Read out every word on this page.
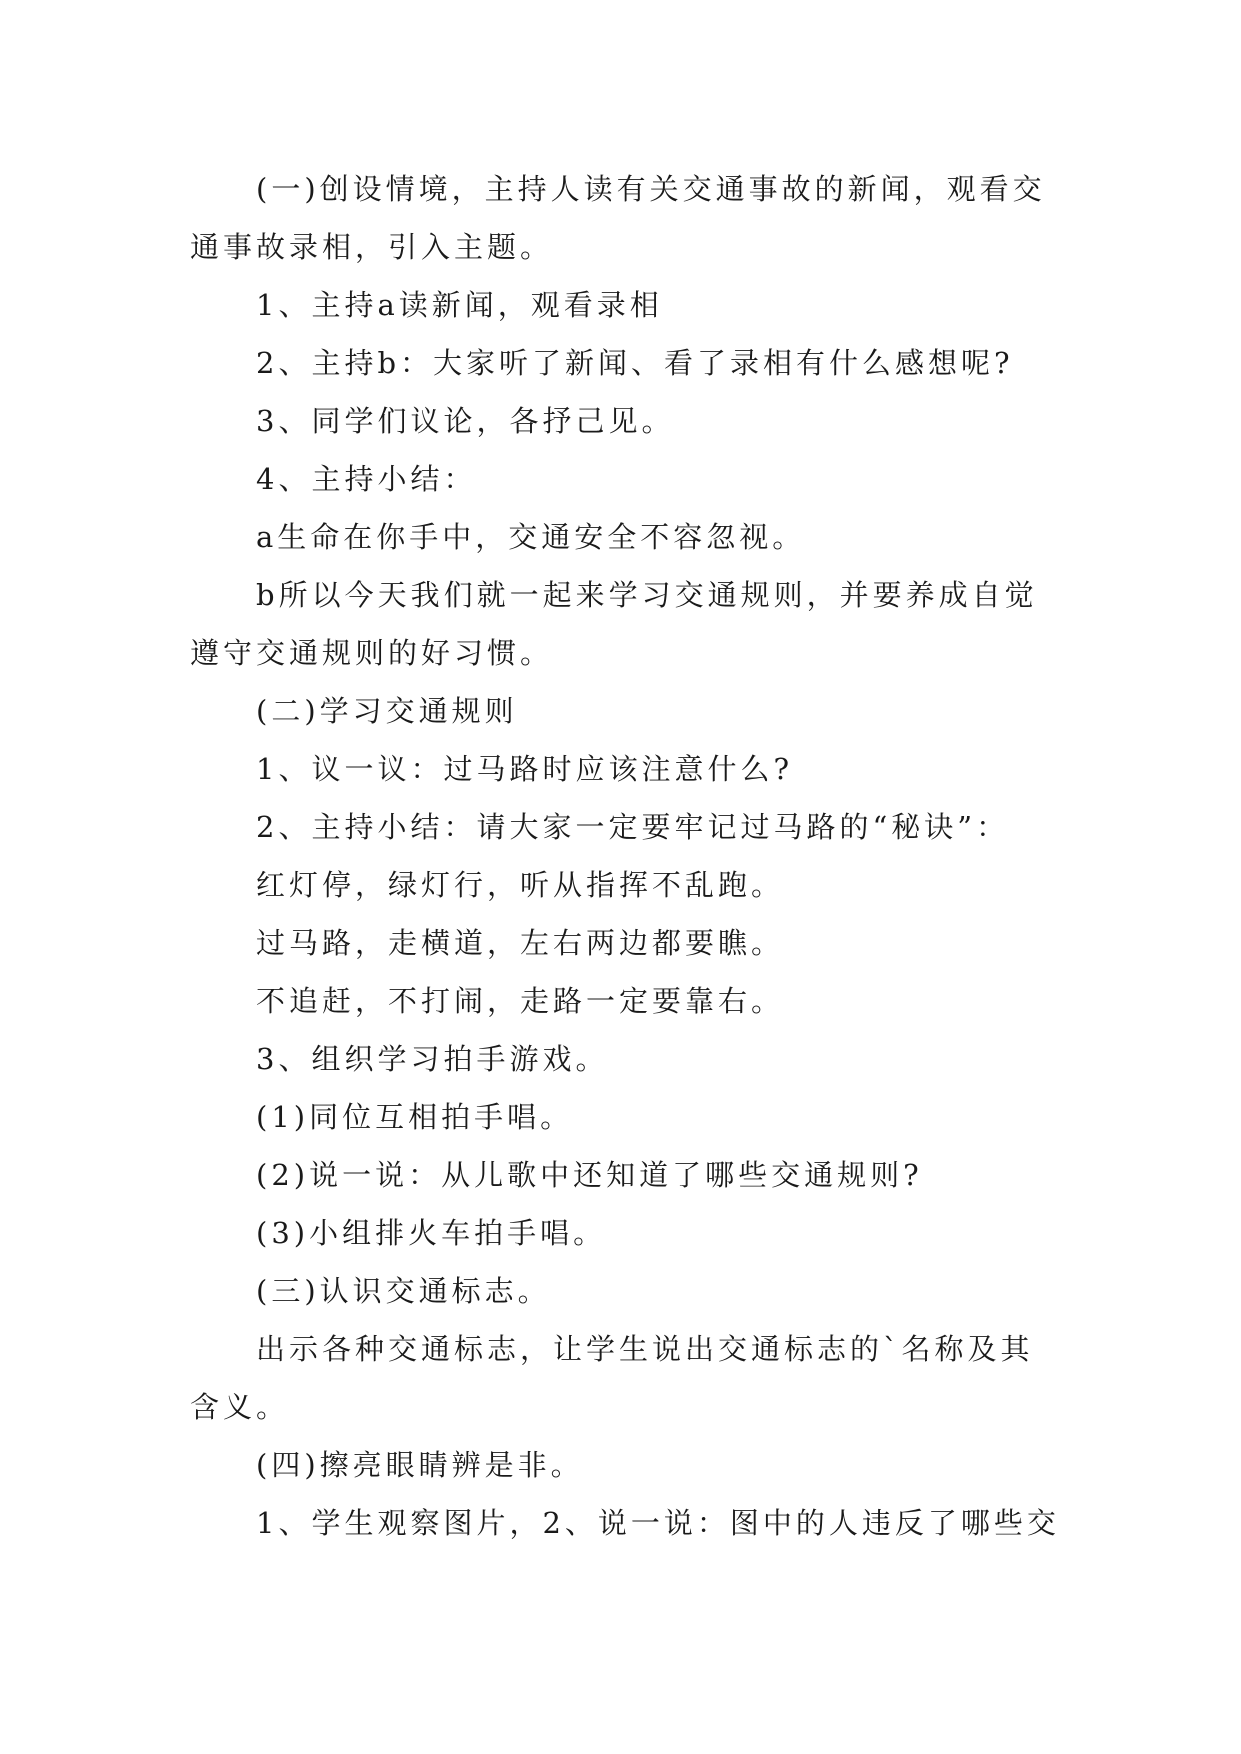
(一)创设情境，主持人读有关交通事故的新闻，观看交通事故录相，引入主题。

1、主持a读新闻，观看录相

2、主持b：大家听了新闻、看了录相有什么感想呢?

3、同学们议论，各抒己见。

4、主持小结：

a生命在你手中，交通安全不容忽视。

b所以今天我们就一起来学习交通规则，并要养成自觉遵守交通规则的好习惯。

(二)学习交通规则

1、议一议：过马路时应该注意什么?

2、主持小结：请大家一定要牢记过马路的“秘诀”：

红灯停，绿灯行，听从指挥不乱跑。

过马路，走横道，左右两边都要瞧。

不追赶，不打闹，走路一定要靠右。

3、组织学习拍手游戏。

(1)同位互相拍手唱。

(2)说一说：从儿歌中还知道了哪些交通规则?

(3)小组排火车拍手唱。

(三)认识交通标志。

出示各种交通标志，让学生说出交通标志的`名称及其含义。

(四)擦亮眼睛辨是非。

1、学生观察图片，2、说一说：图中的人违反了哪些交
